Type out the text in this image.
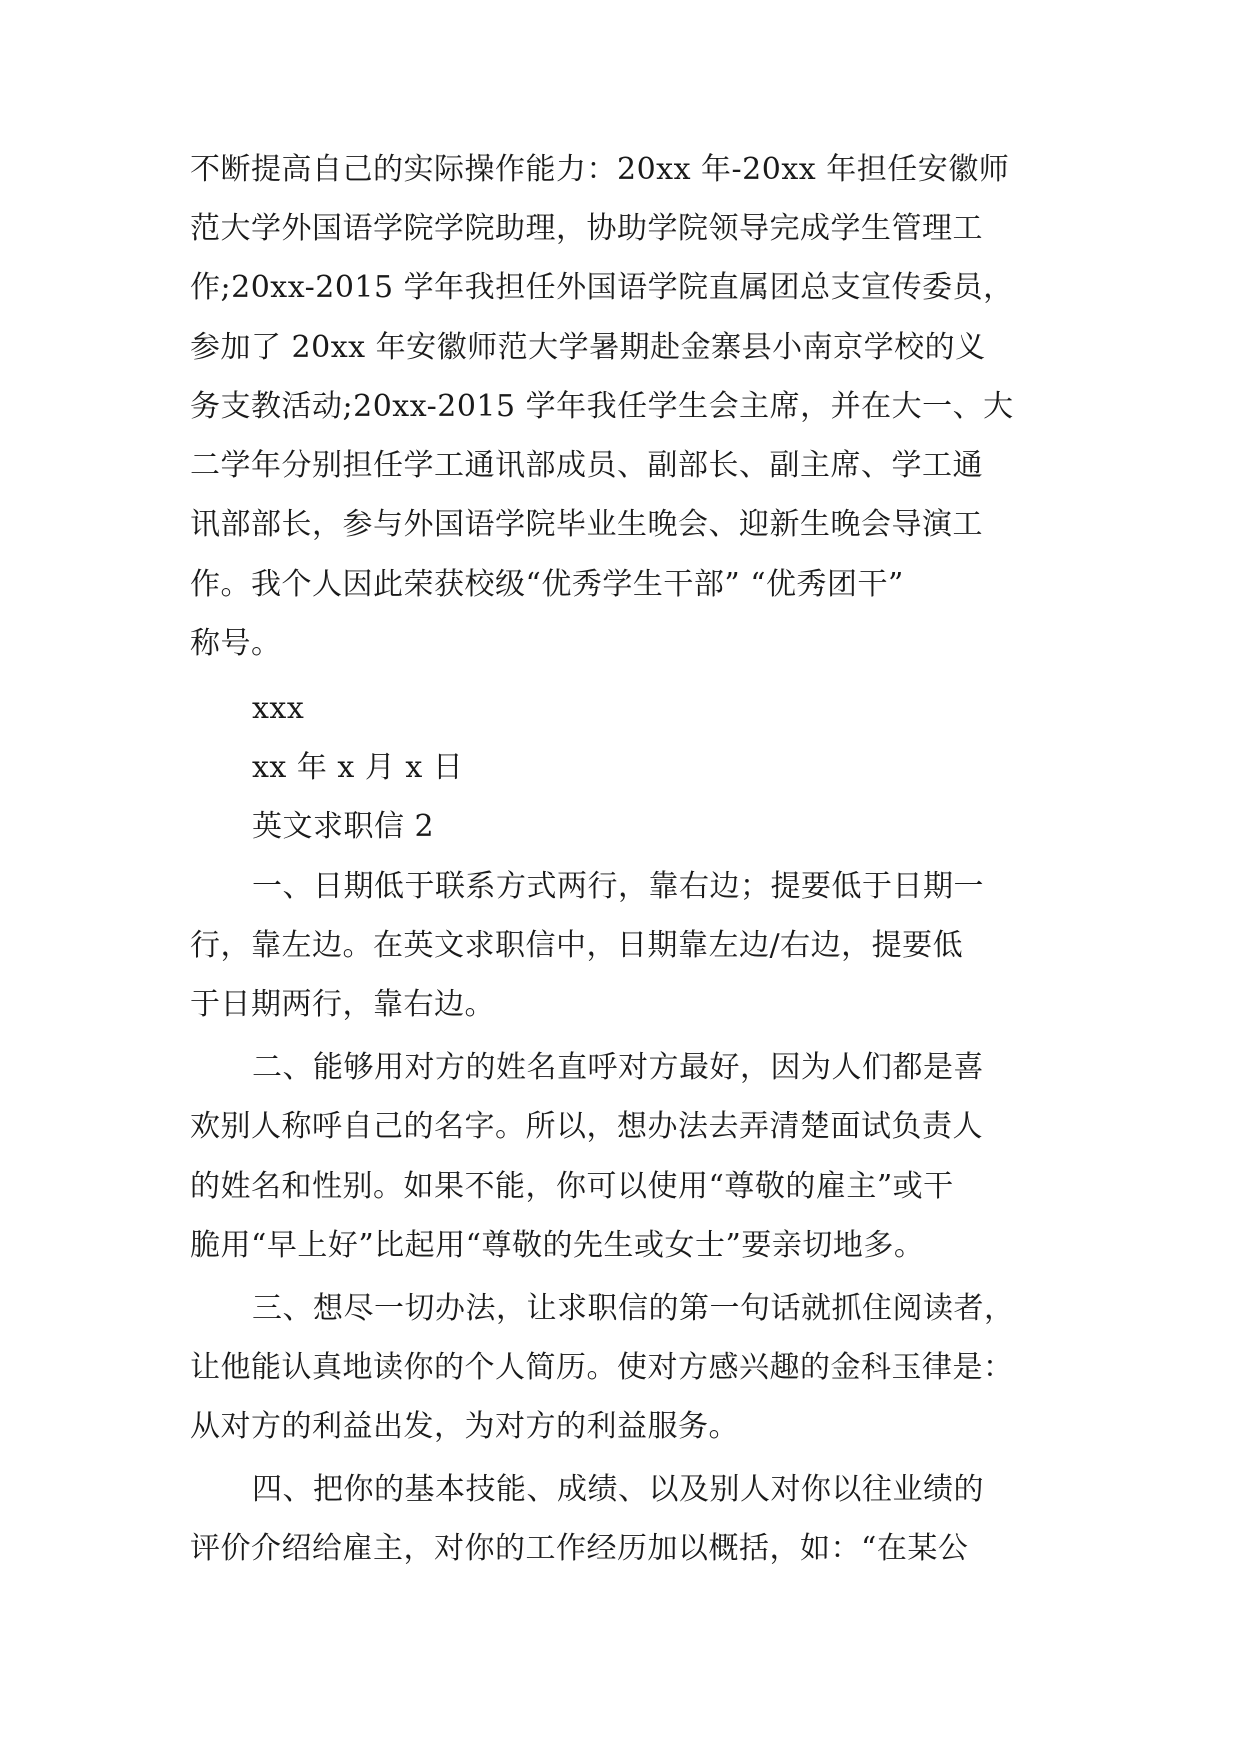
不断提高自己的实际操作能力：20xx 年-20xx 年担任安徽师
范大学外国语学院学院助理，协助学院领导完成学生管理工
作;20xx-2015 学年我担任外国语学院直属团总支宣传委员，
参加了 20xx 年安徽师范大学暑期赴金寨县小南京学校的义
务支教活动;20xx-2015 学年我任学生会主席，并在大一、大
二学年分别担任学工通讯部成员、副部长、副主席、学工通
讯部部长，参与外国语学院毕业生晚会、迎新生晚会导演工
作。我个人因此荣获校级“优秀学生干部” “优秀团干”
称号。
xxx
xx 年 x 月 x 日
英文求职信 2
一、日期低于联系方式两行，靠右边；提要低于日期一
行，靠左边。在英文求职信中，日期靠左边/右边，提要低
于日期两行，靠右边。
二、能够用对方的姓名直呼对方最好，因为人们都是喜
欢别人称呼自己的名字。所以，想办法去弄清楚面试负责人
的姓名和性别。如果不能，你可以使用“尊敬的雇主”或干
脆用“早上好”比起用“尊敬的先生或女士”要亲切地多。
三、想尽一切办法，让求职信的第一句话就抓住阅读者，
让他能认真地读你的个人简历。使对方感兴趣的金科玉律是：
从对方的利益出发，为对方的利益服务。
四、把你的基本技能、成绩、以及别人对你以往业绩的
评价介绍给雇主，对你的工作经历加以概括，如：“在某公
